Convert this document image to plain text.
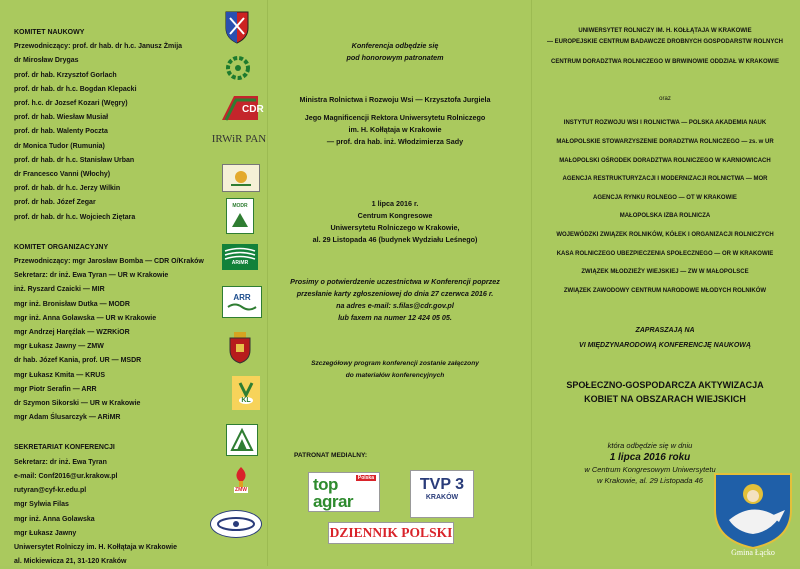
KOMITET NAUKOWY
Przewodniczący: prof. dr hab. dr h.c. Janusz Żmija
dr Mirosław Drygas
prof. dr hab. Krzysztof Gorlach
prof. dr hab. dr h.c. Bogdan Klepacki
prof. h.c. dr Jozsef Kozari (Węgry)
prof. dr hab. Wiesław Musiał
prof. dr hab. Walenty Poczta
dr Monica Tudor (Rumunia)
prof. dr hab. dr h.c. Stanisław Urban
dr Francesco Vanni (Włochy)
prof. dr hab. dr h.c. Jerzy Wilkin
prof. dr hab. Józef Zegar
prof. dr hab. dr h.c. Wojciech Ziętara
KOMITET ORGANIZACYJNY
Przewodniczący: mgr Jarosław Bomba — CDR O/Kraków
Sekretarz: dr inż. Ewa Tyran — UR w Krakowie
inż. Ryszard Czaicki — MIR
mgr inż. Bronisław Dutka — MODR
mgr inż. Anna Golawska — UR w Krakowie
mgr Andrzej Haręźlak — WZRKiOR
mgr Łukasz Jawny — ZMW
dr hab. Józef Kania, prof. UR — MSDR
mgr Łukasz Kmita — KRUS
mgr Piotr Serafin — ARR
dr Szymon Sikorski — UR w Krakowie
mgr Adam Ślusarczyk — ARiMR
SEKRETARIAT KONFERENCJI
Sekretarz: dr inż. Ewa Tyran
e-mail: Conf2016@ur.krakow.pl
rutyran@cyf-kr.edu.pl
mgr Sylwia Filas
mgr inż. Anna Golawska
mgr Łukasz Jawny
Uniwersytet Rolniczy im. H. Kołłątaja w Krakowie
al. Mickiewicza 21, 31-120 Kraków
CDR
IRWiR PAN
MODR
ARiMR
ARR
KL
ZMW
Konferencja odbędzie się
pod honorowym patronatem
Ministra Rolnictwa i Rozwoju Wsi — Krzysztofa Jurgiela
Jego Magnificencji Rektora Uniwersytetu Rolniczego
im. H. Kołłątaja w Krakowie
— prof. dra hab. inż. Włodzimierza Sady
1 lipca 2016 r.
Centrum Kongresowe
Uniwersytetu Rolniczego w Krakowie,
al. 29 Listopada 46 (budynek Wydziału Leśnego)
Prosimy o potwierdzenie uczestnictwa w Konferencji poprzez
przesłanie karty zgłoszeniowej do dnia 27 czerwca 2016 r.
na adres e-mail: s.filas@cdr.gov.pl
lub faxem na numer 12 424 05 05.
Szczegółowy program konferencji zostanie załączony
do materiałów konferencyjnych
PATRONAT MEDIALNY:
top agrar
Polska	TVP 3
KRAKÓW
DZIENNIK POLSKI
UNIWERSYTET ROLNICZY IM. H. KOŁŁĄTAJA W KRAKOWIE
— EUROPEJSKIE CENTRUM BADAWCZE DROBNYCH GOSPODARSTW ROLNYCH
CENTRUM DORADZTWA ROLNICZEGO W BRWINOWIE ODDZIAŁ W KRAKOWIE
oraz
INSTYTUT ROZWOJU WSI I ROLNICTWA — POLSKA AKADEMIA NAUK
MAŁOPOLSKIE STOWARZYSZENIE DORADZTWA ROLNICZEGO — zs. w UR
MAŁOPOLSKI OŚRODEK DORADZTWA ROLNICZEGO W KARNIOWICACH
AGENCJA RESTRUKTURYZACJI I MODERNIZACJI ROLNICTWA — MOR
AGENCJA RYNKU ROLNEGO — OT W KRAKOWIE
MAŁOPOLSKA IZBA ROLNICZA
WOJEWÓDZKI ZWIĄZEK ROLNIKÓW, KÓŁEK I ORGANIZACJI ROLNICZYCH
KASA ROLNICZEGO UBEZPIECZENIA SPOŁECZNEGO — OR W KRAKOWIE
ZWIĄZEK MŁODZIEŻY WIEJSKIEJ — ZW W MAŁOPOLSCE
ZWIĄZEK ZAWODOWY CENTRUM NARODOWE MŁODYCH ROLNIKÓW
ZAPRASZAJĄ NA
VI MIĘDZYNARODOWĄ KONFERENCJĘ NAUKOWĄ
SPOŁECZNO-GOSPODARCZA AKTYWIZACJA
KOBIET NA OBSZARACH WIEJSKICH
która odbędzie się w dniu
1 lipca 2016 roku
w Centrum Kongresowym Uniwersytetu
w Krakowie, al. 29 Listopada 46
Gmina Łącko
